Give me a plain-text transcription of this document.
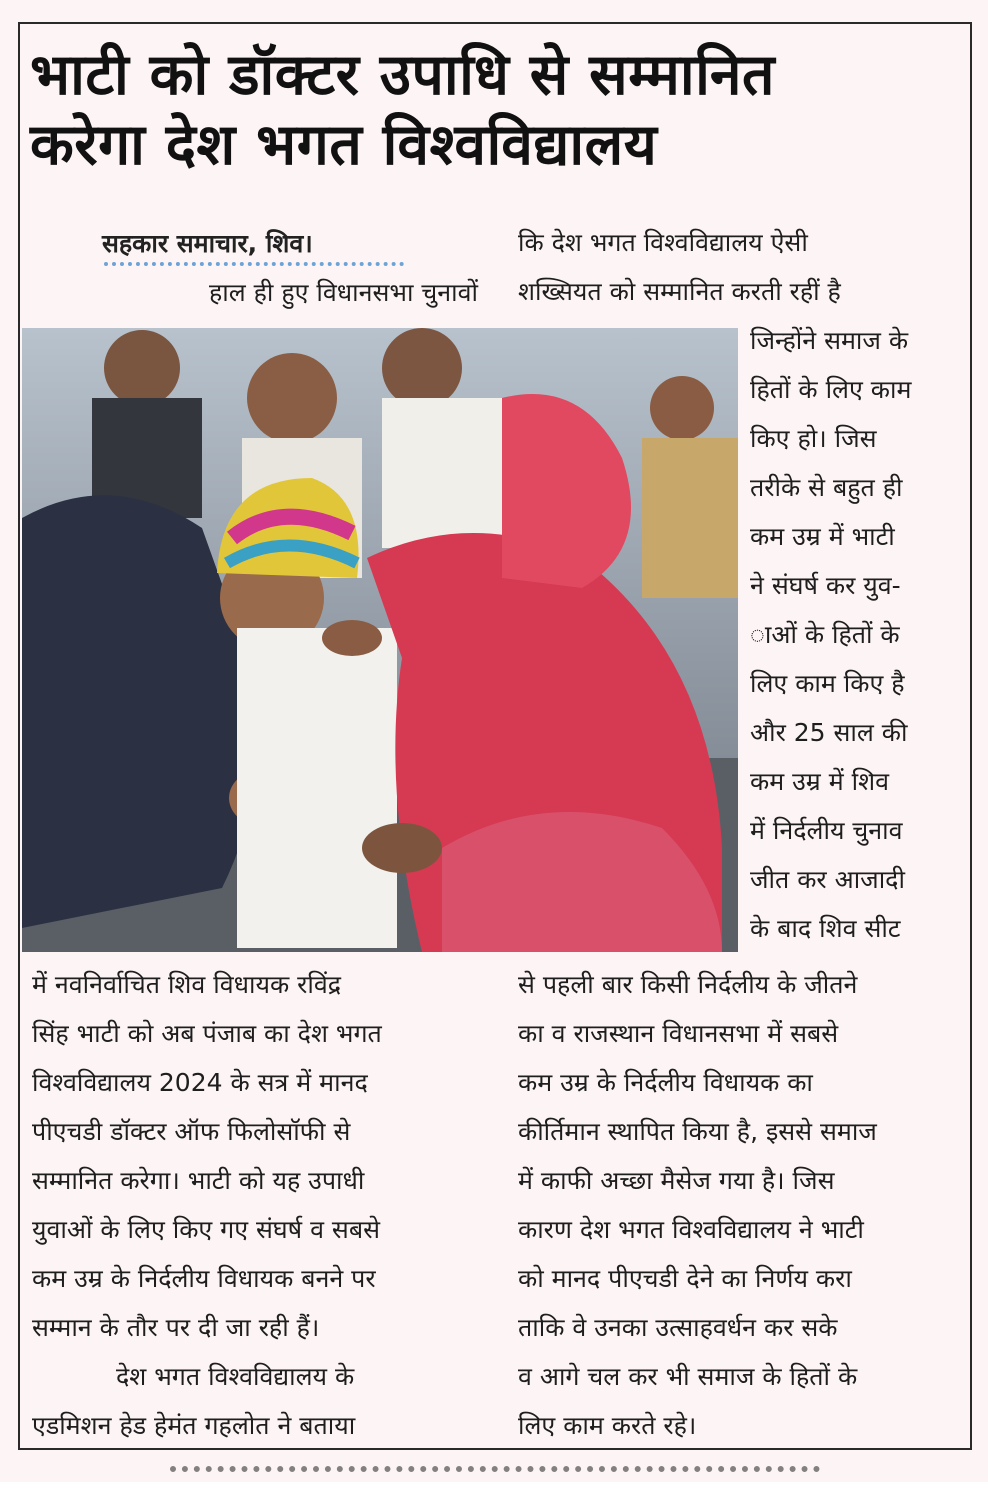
भाटी को डॉक्टर उपाधि से सम्मानित
करेगा देश भगत विश्वविद्यालय
सहकार समाचार, शिव।

हाल ही हुए विधानसभा चुनावों

कि देश भगत विश्वविद्यालय ऐसी

शख्सियत को सम्मानित करती रहीं है

जिन्होंने समाज के

हितों के लिए काम

किए हो। जिस

तरीके से बहुत ही

कम उम्र में भाटी

ने संघर्ष कर युव-

ाओं के हितों के

लिए काम किए है

और 25 साल की

कम उम्र में शिव

में निर्दलीय चुनाव

जीत कर आजादी

के बाद शिव सीट

में नवनिर्वाचित शिव विधायक रविंद्र

सिंह भाटी को अब पंजाब का देश भगत

विश्वविद्यालय 2024 के सत्र में मानद

पीएचडी डॉक्टर ऑफ फिलोसॉफी से

सम्मानित करेगा। भाटी को यह उपाधी

युवाओं के लिए किए गए संघर्ष व सबसे

कम उम्र के निर्दलीय विधायक बनने पर

सम्मान के तौर पर दी जा रही हैं।

देश भगत विश्वविद्यालय के

एडमिशन हेड हेमंत गहलोत ने बताया

से पहली बार किसी निर्दलीय के जीतने

का व राजस्थान विधानसभा में सबसे

कम उम्र के निर्दलीय विधायक का

कीर्तिमान स्थापित किया है, इससे समाज

में काफी अच्छा मैसेज गया है। जिस

कारण देश भगत विश्वविद्यालय ने भाटी

को मानद पीएचडी देने का निर्णय करा

ताकि वे उनका उत्साहवर्धन कर सके

व आगे चल कर भी समाज के हितों के

लिए काम करते रहे।
